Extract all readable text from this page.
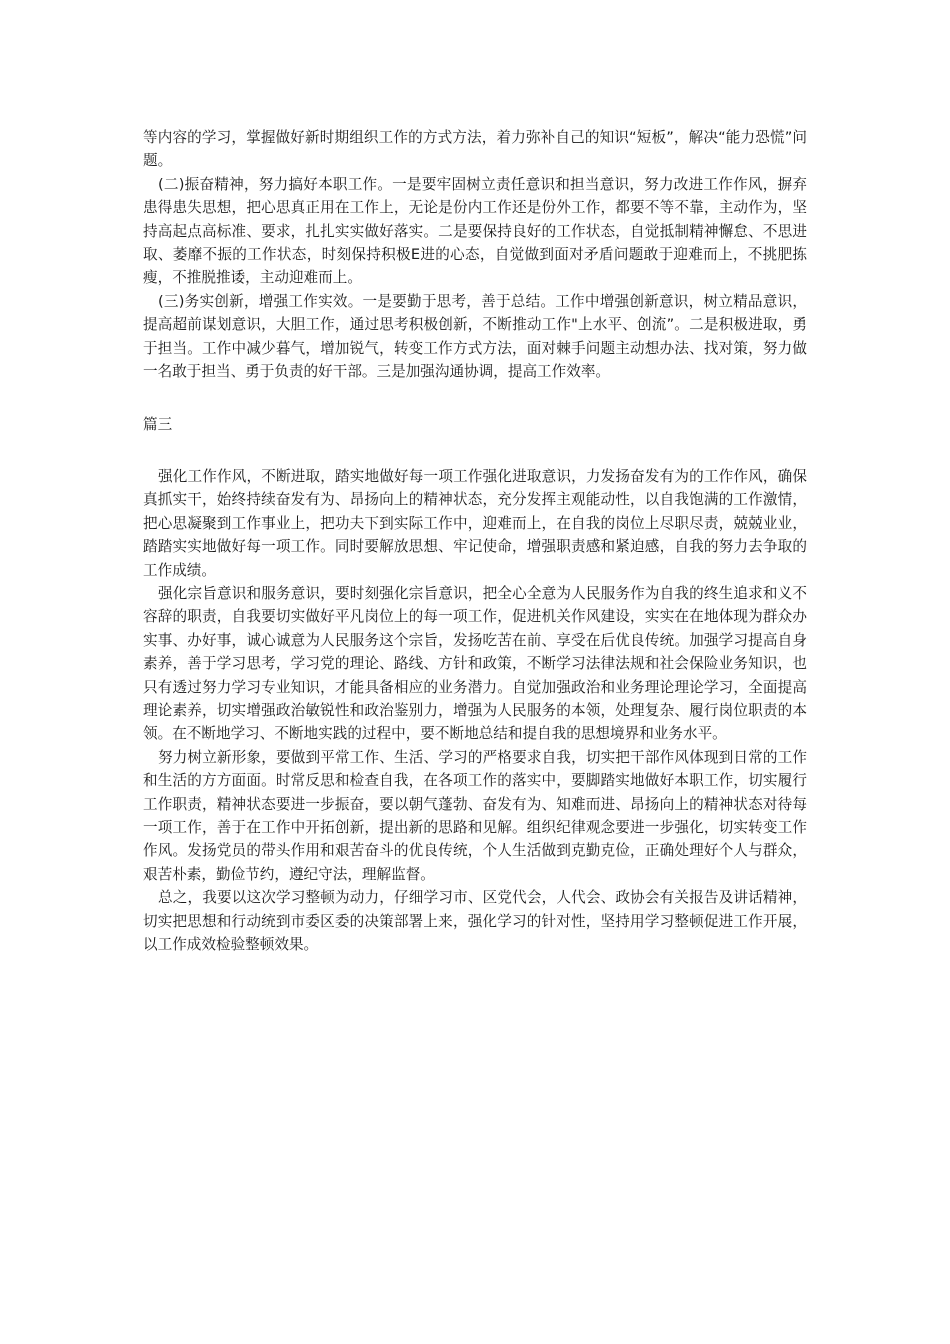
等内容的学习，掌握做好新时期组织工作的方式方法，着力弥补自己的知识“短板”，解决“能力恐慌”问题。

(二)振奋精神，努力搞好本职工作。一是要牢固树立责任意识和担当意识，努力改进工作作风，摒弃患得患失思想，把心思真正用在工作上，无论是份内工作还是份外工作，都要不等不靠，主动作为，坚持高起点高标准、要求，扎扎实实做好落实。二是要保持良好的工作状态，自觉抵制精神懈怠、不思进取、萎靡不振的工作状态，时刻保持积极E进的心态，自觉做到面对矛盾问题敢于迎难而上，不挑肥拣瘦，不推脱推诿，主动迎难而上。

(三)务实创新，增强工作实效。一是要勤于思考，善于总结。工作中增强创新意识，树立精品意识，提高超前谋划意识，大胆工作，通过思考积极创新，不断推动工作"上水平、创流”。二是积极进取，勇于担当。工作中减少暮气，增加锐气，转变工作方式方法，面对棘手问题主动想办法、找对策，努力做一名敢于担当、勇于负责的好干部。三是加强沟通协调，提高工作效率。

篇三

强化工作作风，不断进取，踏实地做好每一项工作强化进取意识，力发扬奋发有为的工作作风，确保真抓实干，始终持续奋发有为、昂扬向上的精神状态，充分发挥主观能动性，以自我饱满的工作激情，把心思凝聚到工作事业上，把功夫下到实际工作中，迎难而上，在自我的岗位上尽职尽责，兢兢业业，踏踏实实地做好每一项工作。同时要解放思想、牢记使命，增强职责感和紧迫感，自我的努力去争取的工作成绩。

强化宗旨意识和服务意识，要时刻强化宗旨意识，把全心全意为人民服务作为自我的终生追求和义不容辞的职责，自我要切实做好平凡岗位上的每一项工作，促进机关作风建设，实实在在地体现为群众办实事、办好事，诚心诚意为人民服务这个宗旨，发扬吃苦在前、享受在后优良传统。加强学习提高自身素养，善于学习思考，学习党的理论、路线、方针和政策，不断学习法律法规和社会保险业务知识，也只有透过努力学习专业知识，才能具备相应的业务潜力。自觉加强政治和业务理论理论学习，全面提高理论素养，切实增强政治敏锐性和政治鉴别力，增强为人民服务的本领，处理复杂、履行岗位职责的本领。在不断地学习、不断地实践的过程中，要不断地总结和提自我的思想境界和业务水平。

努力树立新形象，要做到平常工作、生活、学习的严格要求自我，切实把干部作风体现到日常的工作和生活的方方面面。时常反思和检查自我，在各项工作的落实中，要脚踏实地做好本职工作，切实履行工作职责，精神状态要进一步振奋，要以朝气蓬勃、奋发有为、知难而进、昂扬向上的精神状态对待每一项工作，善于在工作中开拓创新，提出新的思路和见解。组织纪律观念要进一步强化，切实转变工作作风。发扬党员的带头作用和艰苦奋斗的优良传统，个人生活做到克勤克俭，正确处理好个人与群众，艰苦朴素，勤俭节约，遵纪守法，理解监督。

总之，我要以这次学习整顿为动力，仔细学习市、区党代会，人代会、政协会有关报告及讲话精神，切实把思想和行动统到市委区委的决策部署上来，强化学习的针对性，坚持用学习整顿促进工作开展，以工作成效检验整顿效果。
